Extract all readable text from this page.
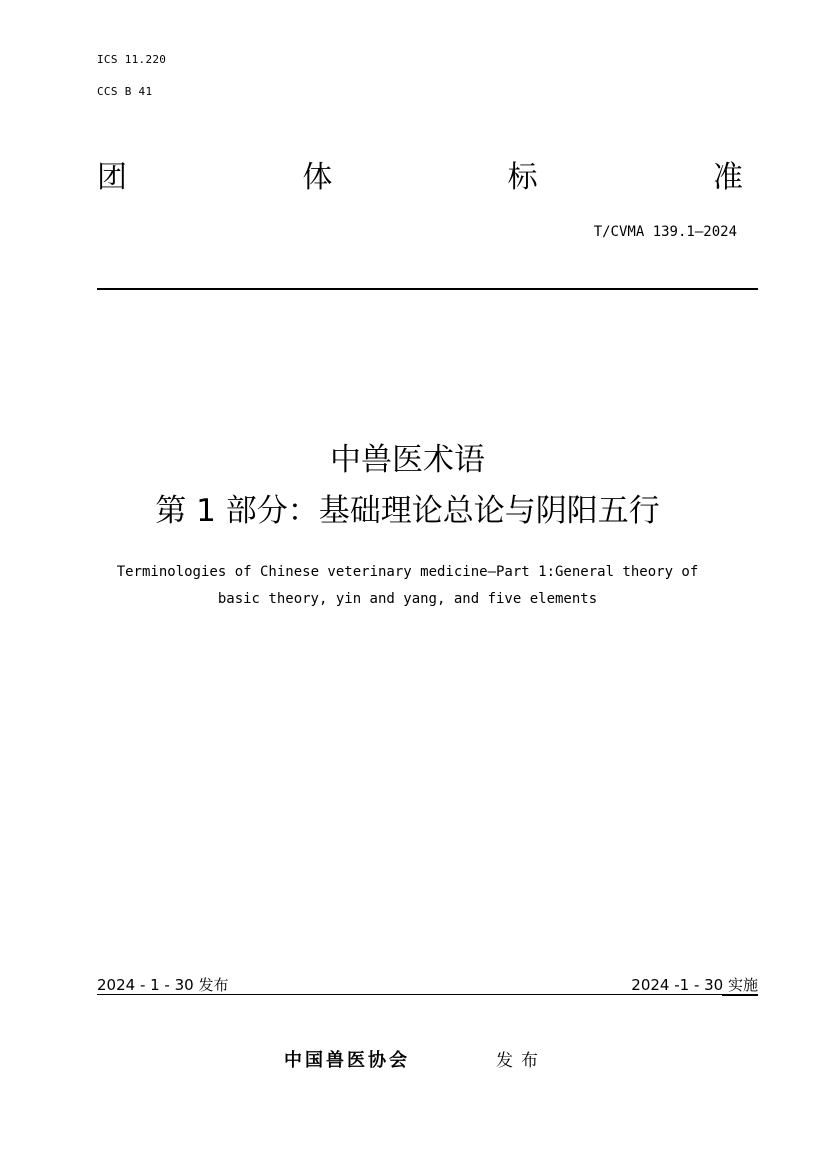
ICS 11.220
CCS B 41
团	体	标	准
T/CVMA 139.1—2024
中兽医术语
第 1 部分：基础理论总论与阴阳五行
Terminologies of Chinese veterinary medicine—Part 1:General theory of
basic theory, yin and yang, and five elements
2024 - 1 - 30 发布	2024 -1 - 30 实施
中国兽医协会	发布
